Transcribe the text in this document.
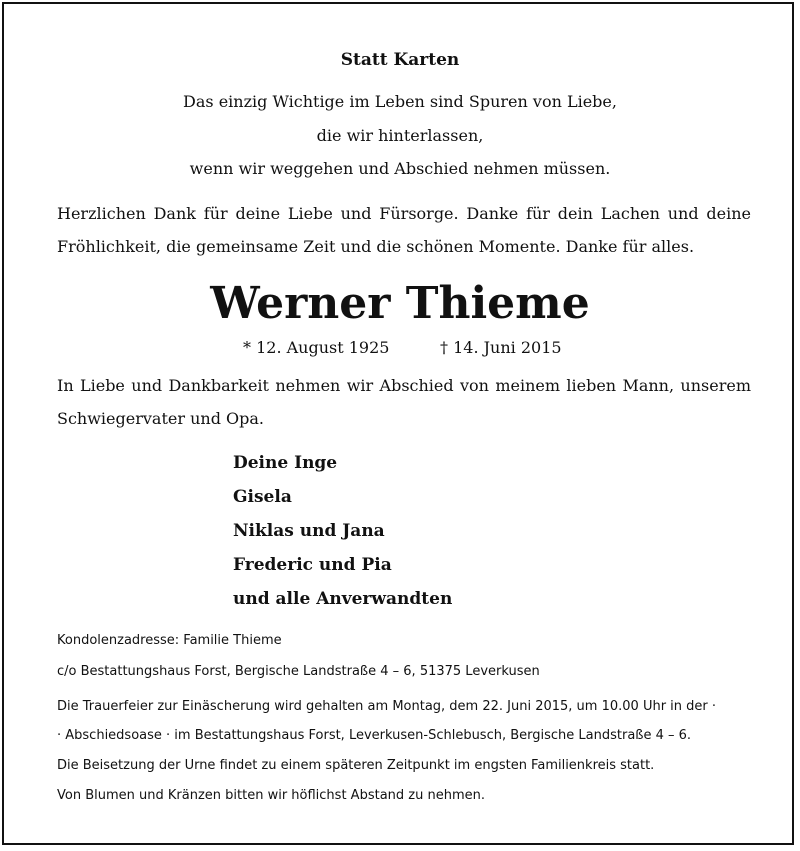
Statt Karten
Das einzig Wichtige im Leben sind Spuren von Liebe,
die wir hinterlassen,
wenn wir weggehen und Abschied nehmen müssen.
Herzlichen Dank für deine Liebe und Fürsorge. Danke für dein Lachen und deine Fröhlichkeit, die gemeinsame Zeit und die schönen Momente. Danke für alles.
Werner Thieme
* 12. August 1925	† 14. Juni 2015
In Liebe und Dankbarkeit nehmen wir Abschied von meinem lieben Mann, unserem Schwiegervater und Opa.
Deine Inge
Gisela
Niklas und Jana
Frederic und Pia
und alle Anverwandten
Kondolenzadresse: Familie Thieme
c/o Bestattungshaus Forst, Bergische Landstraße 4 – 6, 51375 Leverkusen
Die Trauerfeier zur Einäscherung wird gehalten am Montag, dem 22. Juni 2015, um 10.00 Uhr in der ·
· Abschiedsoase · im Bestattungshaus Forst, Leverkusen-Schlebusch, Bergische Landstraße 4 – 6.
Die Beisetzung der Urne findet zu einem späteren Zeitpunkt im engsten Familienkreis statt.
Von Blumen und Kränzen bitten wir höflichst Abstand zu nehmen.
